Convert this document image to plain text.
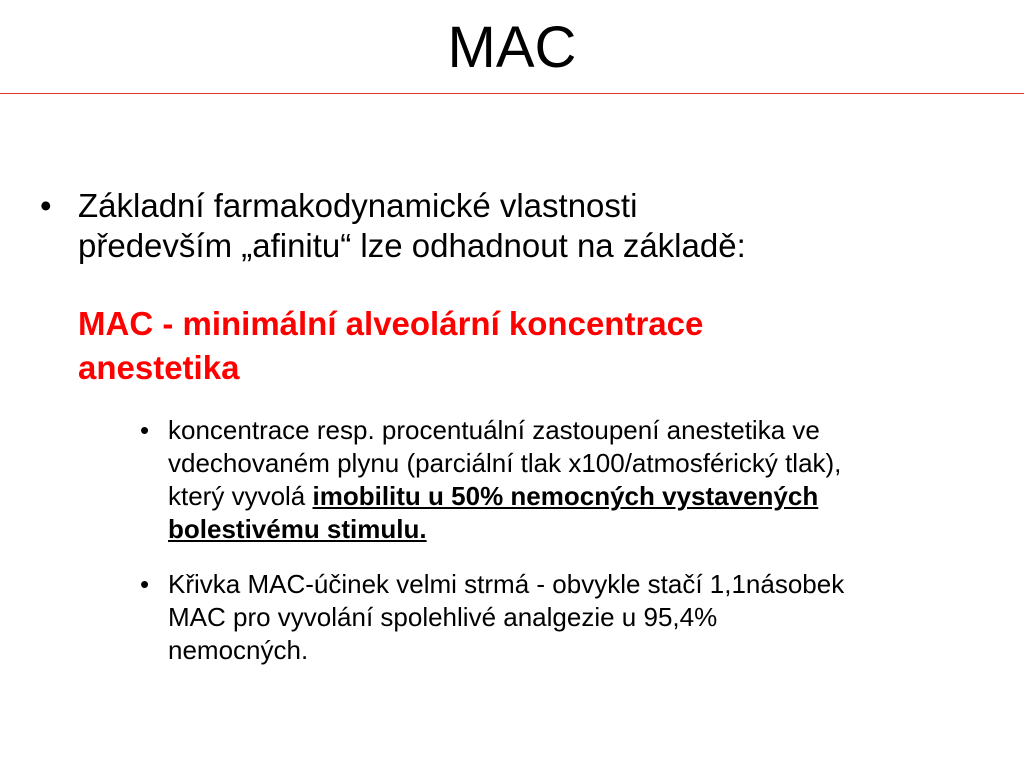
MAC
• Základní farmakodynamické vlastnosti
především „afinitu“ lze odhadnout na základě:
MAC - minimální alveolární koncentrace
anestetika
• koncentrace resp. procentuální zastoupení anestetika ve
vdechovaném plynu (parciální tlak x100/atmosférický tlak),
který vyvolá imobilitu u 50% nemocných vystavených
bolestivému stimulu.
• Křivka MAC-účinek velmi strmá - obvykle stačí 1,1násobek
MAC pro vyvolání spolehlivé analgezie u 95,4%
nemocných.
